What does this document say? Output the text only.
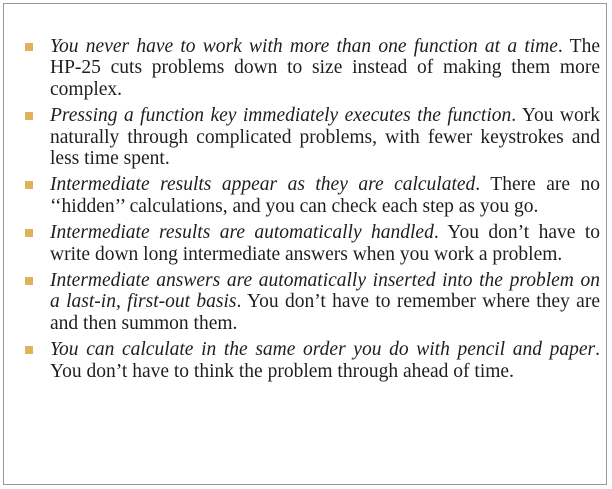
You never have to work with more than one function at a time. The HP-25 cuts problems down to size instead of making them more complex.
Pressing a function key immediately executes the function. You work naturally through complicated problems, with fewer keystrokes and less time spent.
Intermediate results appear as they are calculated. There are no ‘‘hidden’’ calculations, and you can check each step as you go.
Intermediate results are automatically handled. You don’t have to write down long intermediate answers when you work a problem.
Intermediate answers are automatically inserted into the problem on a last-in, first-out basis. You don’t have to remember where they are and then summon them.
You can calculate in the same order you do with pencil and paper. You don’t have to think the problem through ahead of time.
